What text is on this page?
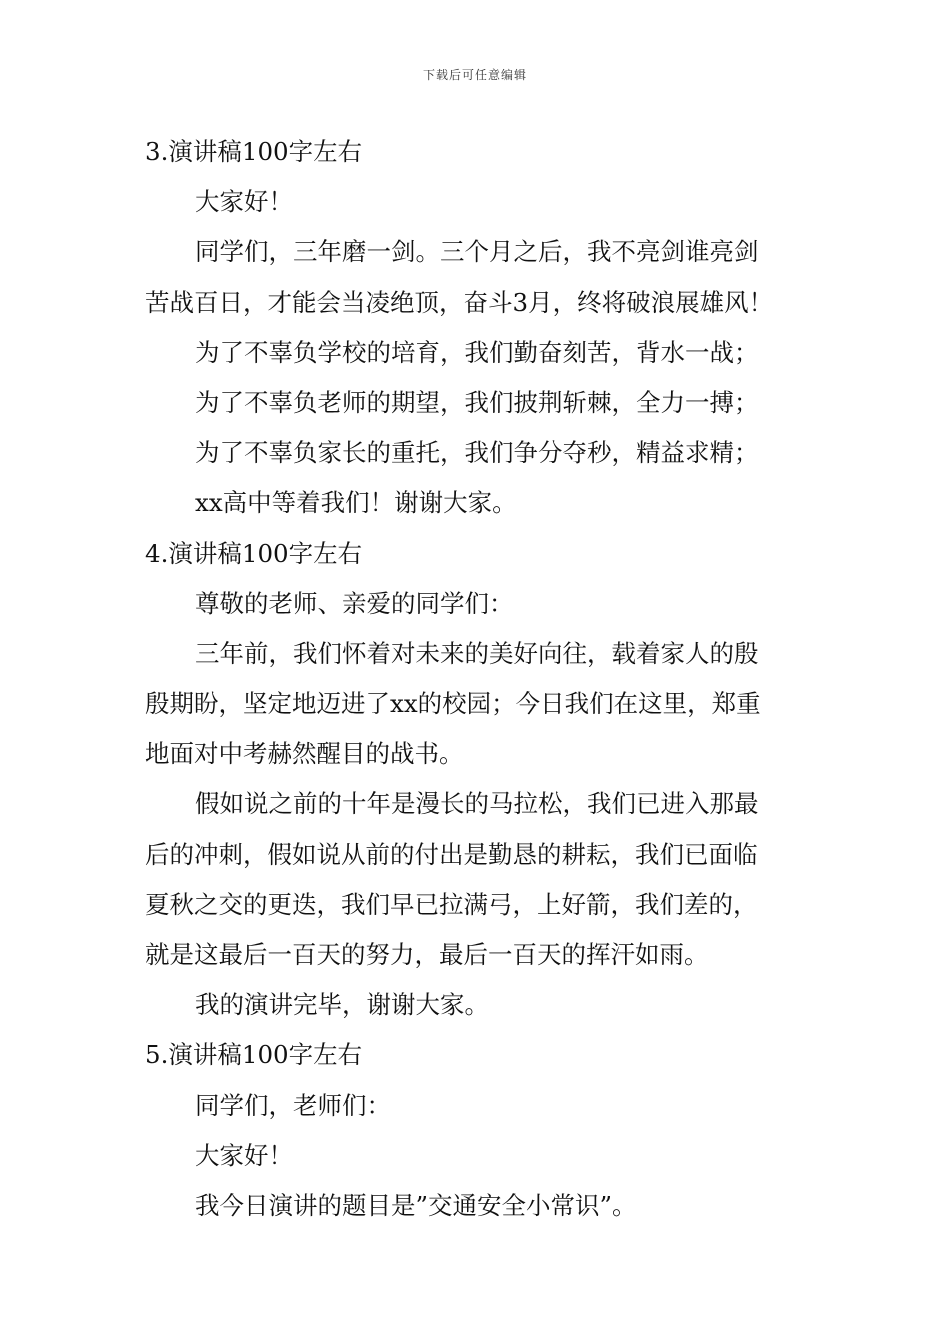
下载后可任意编辑
3.演讲稿100字左右
大家好！
同学们，三年磨一剑。三个月之后，我不亮剑谁亮剑
苦战百日，才能会当凌绝顶，奋斗3月，终将破浪展雄风！
为了不辜负学校的培育，我们勤奋刻苦，背水一战；
为了不辜负老师的期望，我们披荆斩棘，全力一搏；
为了不辜负家长的重托，我们争分夺秒，精益求精；
xx高中等着我们！谢谢大家。
4.演讲稿100字左右
尊敬的老师、亲爱的同学们：
三年前，我们怀着对未来的美好向往，载着家人的殷
殷期盼，坚定地迈进了xx的校园；今日我们在这里，郑重
地面对中考赫然醒目的战书。
假如说之前的十年是漫长的马拉松，我们已进入那最
后的冲刺，假如说从前的付出是勤恳的耕耘，我们已面临
夏秋之交的更迭，我们早已拉满弓，上好箭，我们差的，
就是这最后一百天的努力，最后一百天的挥汗如雨。
我的演讲完毕，谢谢大家。
5.演讲稿100字左右
同学们，老师们：
大家好！
我今日演讲的题目是”交通安全小常识”。
